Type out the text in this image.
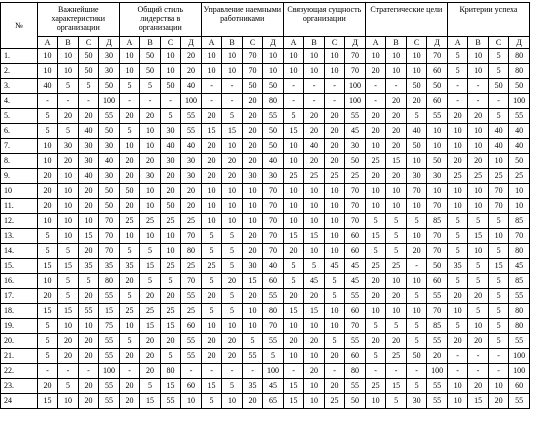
№	Важнейшие характеристики организации				Общий стиль лидерства в организации				Управление наемными работниками				Связующая сущность организации				Стратегические цели				Критерии успеха			
	А	В	С	Д	А	В	С	Д	А	В	С	Д	А	В	С	Д	А	В	С	Д	А	В	С	Д
1.	10	10	50	30	10	50	10	20	10	10	70	10	10	10	10	70	10	10	10	70	5	10	5	80
2.	10	10	50	30	10	50	10	20	10	10	70	10	10	10	10	70	20	10	10	60	5	10	5	80
3.	40	5	5	50	5	5	50	40	-	-	50	50	-	-	-	100	-	-	50	50	-	-	50	50
4.	-	-	-	100	-	-	-	100	-	-	20	80	-	-	-	100	-	20	20	60	-	-	-	100
5.	5	20	20	55	20	20	5	55	20	5	20	55	5	20	20	55	20	20	5	55	20	20	5	55
6.	5	5	40	50	5	10	30	55	15	15	20	50	15	20	20	45	20	20	40	10	10	10	40	40
7.	10	30	30	30	10	10	40	40	20	10	20	50	10	40	20	30	10	20	50	10	10	10	40	40
8.	10	20	30	40	20	20	30	30	20	20	20	40	10	20	20	50	25	15	10	50	20	20	10	50
9.	20	10	40	30	20	30	20	30	20	20	30	30	25	25	25	25	20	20	30	30	25	25	25	25
10	20	10	20	50	50	10	20	20	10	10	10	70	10	10	10	70	10	10	70	10	10	10	70	10
11.	20	10	20	50	20	10	50	20	10	10	10	70	10	10	10	70	10	10	10	70	10	10	70	10
12.	10	10	10	70	25	25	25	25	10	10	10	70	10	10	10	70	5	5	5	85	5	5	5	85
13.	5	10	15	70	10	10	10	70	5	5	20	70	15	15	10	60	15	5	10	70	5	15	10	70
14.	5	5	20	70	5	5	10	80	5	5	20	70	20	10	10	60	5	5	20	70	5	10	5	80
15.	15	15	35	35	35	15	25	25	25	5	30	40	5	5	45	45	25	25	-	50	35	5	15	45
16.	10	5	5	80	20	5	5	70	5	20	15	60	5	45	5	45	20	10	10	60	5	5	5	85
17.	20	5	20	55	5	20	20	55	20	5	20	55	20	20	5	55	20	20	5	55	20	20	5	55
18.	15	15	55	15	25	25	25	25	5	5	10	80	15	15	10	60	10	10	10	70	10	5	5	80
19.	5	10	10	75	10	15	15	60	10	10	10	70	10	10	10	70	5	5	5	85	5	10	5	80
20.	5	20	20	55	5	20	20	55	20	20	5	55	20	20	5	55	20	20	5	55	20	20	5	55
21.	5	20	20	55	20	20	5	55	20	20	55	5	10	10	20	60	5	25	50	20	-	-	-	100
22.	-	-	-	100	-	20	80	-	-	-	-	100	-	20	-	80	-	-	-	100	-	-	-	100
23.	20	5	20	55	20	5	15	60	15	5	35	45	15	10	20	55	25	15	5	55	10	20	10	60
24	15	10	20	55	20	15	55	10	5	10	20	65	15	10	25	50	10	5	30	55	10	15	20	55
